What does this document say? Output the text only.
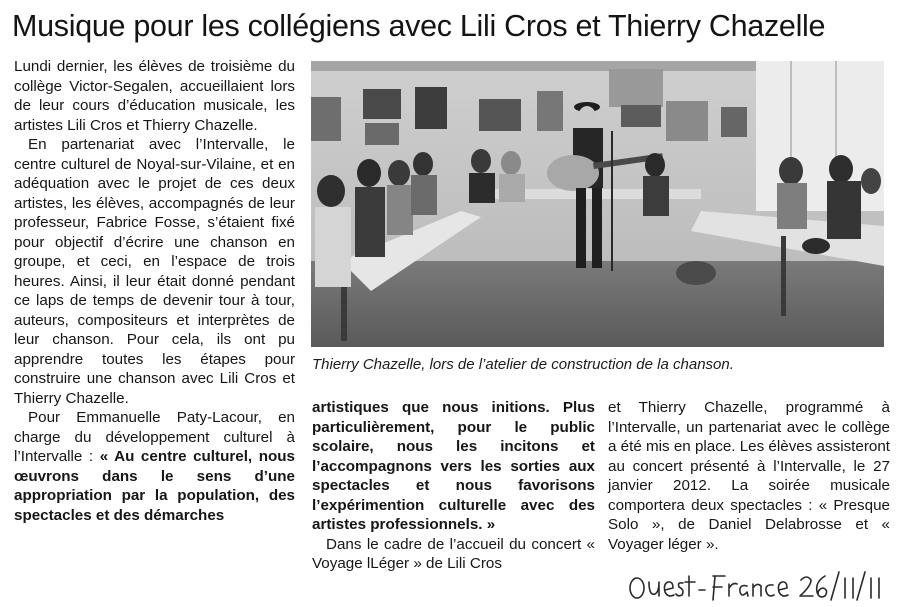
Musique pour les collégiens avec Lili Cros et Thierry Chazelle

Lundi dernier, les élèves de troisième du collège Victor-Segalen, accueillaient lors de leur cours d’éducation musicale, les artistes Lili Cros et Thierry Chazelle.

En partenariat avec l’Intervalle, le centre culturel de Noyal-sur-Vilaine, et en adéquation avec le projet de ces deux artistes, les élèves, accompagnés de leur professeur, Fabrice Fosse, s’étaient fixé pour objectif d’écrire une chanson en groupe, et ceci, en l’espace de trois heures. Ainsi, il leur était donné pendant ce laps de temps de devenir tour à tour, auteurs, compositeurs et interprètes de leur chanson. Pour cela, ils ont pu apprendre toutes les étapes pour construire une chanson avec Lili Cros et Thierry Chazelle.

Pour Emmanuelle Paty-Lacour, en charge du développement culturel à l’Intervalle : « Au centre culturel, nous œuvrons dans le sens d’une appropriation par la population, des spectacles et des démarches

Thierry Chazelle, lors de l’atelier de construction de la chanson.

artistiques que nous initions. Plus particulièrement, pour le public scolaire, nous les incitons et l’accompagnons vers les sorties aux spectacles et nous favorisons l’expérimention culturelle avec des artistes professionnels. »

Dans le cadre de l’accueil du concert « Voyage lLéger » de Lili Cros

et Thierry Chazelle, programmé à l’Intervalle, un partenariat avec le collège a été mis en place. Les élèves assisteront au concert présenté à l’Intervalle, le 27 janvier 2012. La soirée musicale comportera deux spectacles : « Presque Solo », de Daniel Delabrosse et « Voyager léger ».
